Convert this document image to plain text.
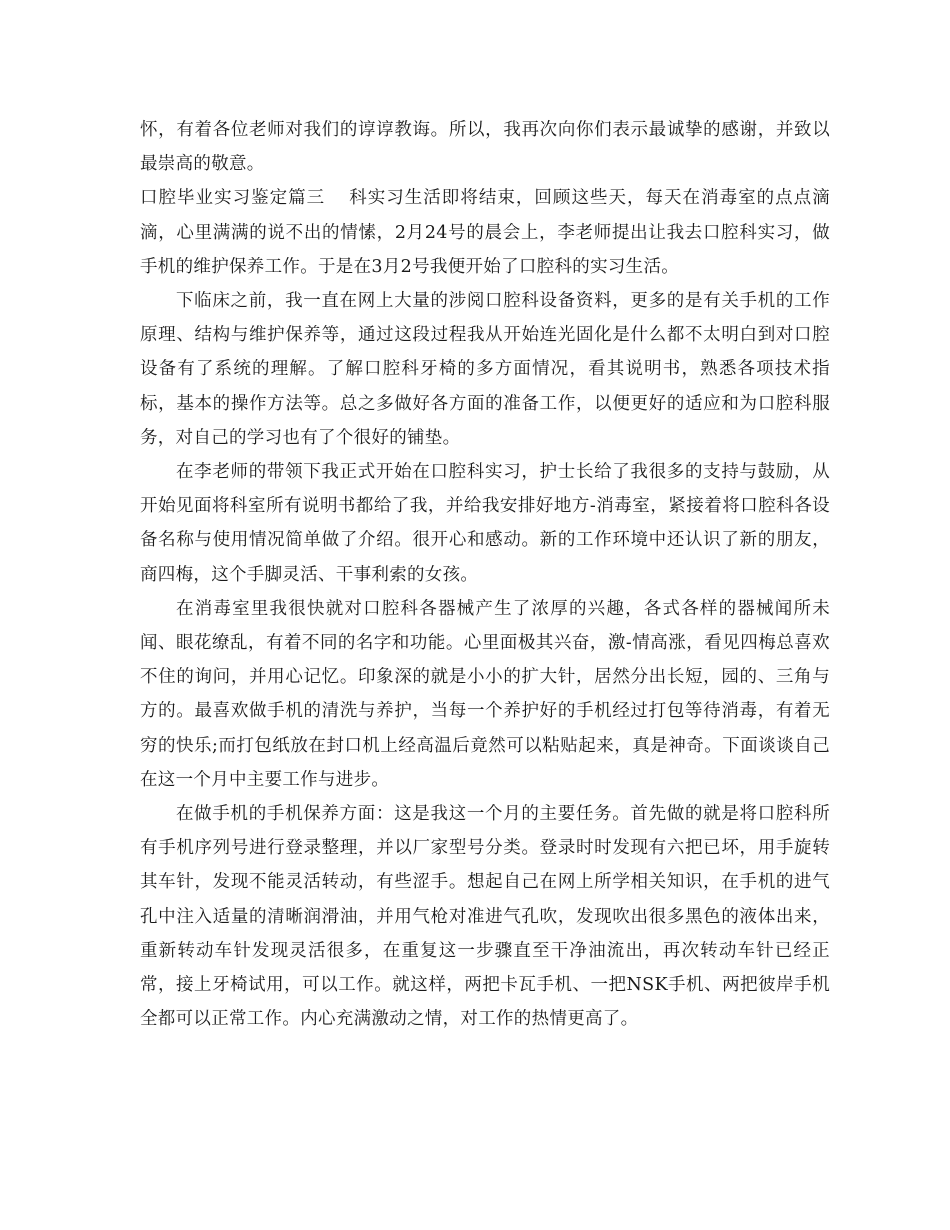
怀，有着各位老师对我们的谆谆教诲。所以，我再次向你们表示最诚挚的感谢，并致以最崇高的敬意。

口腔毕业实习鉴定篇三 科实习生活即将结束，回顾这些天，每天在消毒室的点点滴滴，心里满满的说不出的情愫，2月24号的晨会上，李老师提出让我去口腔科实习，做手机的维护保养工作。于是在3月2号我便开始了口腔科的实习生活。

下临床之前，我一直在网上大量的涉阅口腔科设备资料，更多的是有关手机的工作原理、结构与维护保养等，通过这段过程我从开始连光固化是什么都不太明白到对口腔设备有了系统的理解。了解口腔科牙椅的多方面情况，看其说明书，熟悉各项技术指标，基本的操作方法等。总之多做好各方面的准备工作，以便更好的适应和为口腔科服务，对自己的学习也有了个很好的铺垫。

在李老师的带领下我正式开始在口腔科实习，护士长给了我很多的支持与鼓励，从开始见面将科室所有说明书都给了我，并给我安排好地方-消毒室，紧接着将口腔科各设备名称与使用情况简单做了介绍。很开心和感动。新的工作环境中还认识了新的朋友，商四梅，这个手脚灵活、干事利索的女孩。

在消毒室里我很快就对口腔科各器械产生了浓厚的兴趣，各式各样的器械闻所未闻、眼花缭乱，有着不同的名字和功能。心里面极其兴奋，激-情高涨，看见四梅总喜欢不住的询问，并用心记忆。印象深的就是小小的扩大针，居然分出长短，园的、三角与方的。最喜欢做手机的清洗与养护，当每一个养护好的手机经过打包等待消毒，有着无穷的快乐;而打包纸放在封口机上经高温后竟然可以粘贴起来，真是神奇。下面谈谈自己在这一个月中主要工作与进步。

在做手机的手机保养方面：这是我这一个月的主要任务。首先做的就是将口腔科所有手机序列号进行登录整理，并以厂家型号分类。登录时时发现有六把已坏，用手旋转其车针，发现不能灵活转动，有些涩手。想起自己在网上所学相关知识，在手机的进气孔中注入适量的清晰润滑油，并用气枪对准进气孔吹，发现吹出很多黑色的液体出来，重新转动车针发现灵活很多，在重复这一步骤直至干净油流出，再次转动车针已经正常，接上牙椅试用，可以工作。就这样，两把卡瓦手机、一把NSK手机、两把彼岸手机全都可以正常工作。内心充满激动之情，对工作的热情更高了。
